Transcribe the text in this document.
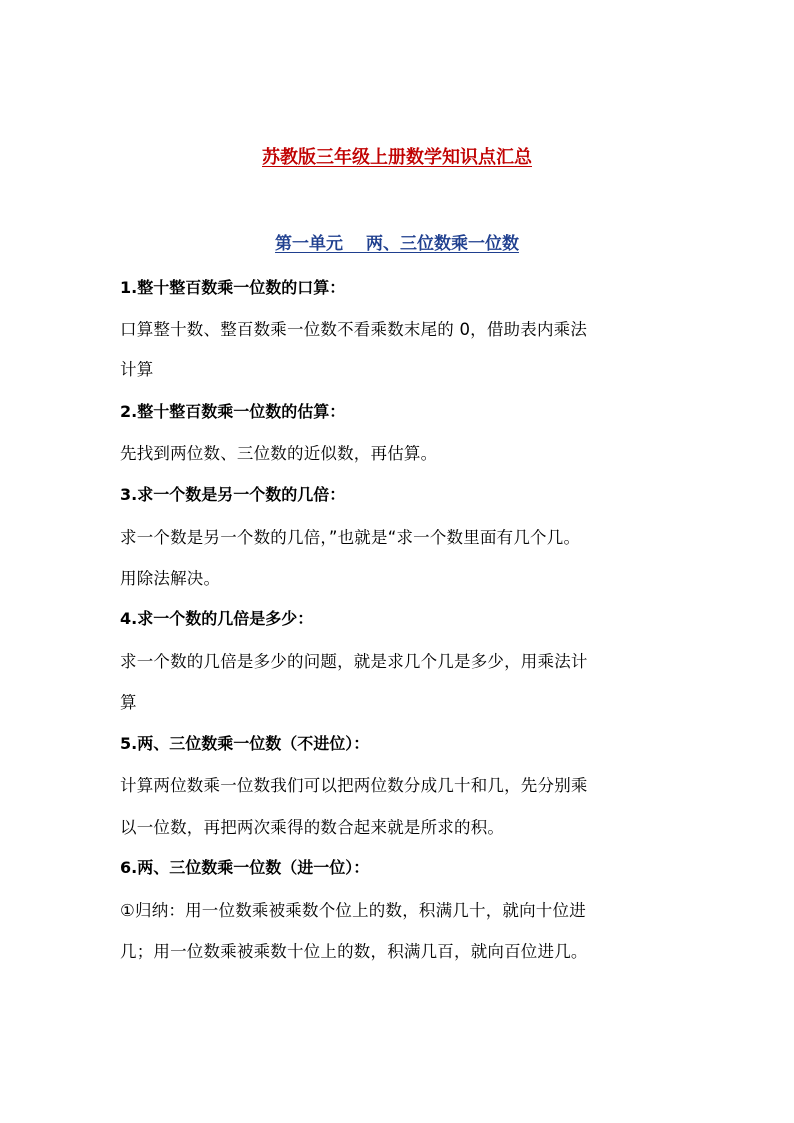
苏教版三年级上册数学知识点汇总
第一单元　 两、三位数乘一位数
1.整十整百数乘一位数的口算：
口算整十数、整百数乘一位数不看乘数末尾的 0，借助表内乘法
计算
2.整十整百数乘一位数的估算：
先找到两位数、三位数的近似数，再估算。
3.求一个数是另一个数的几倍：
求一个数是另一个数的几倍，”也就是“求一个数里面有几个几。
用除法解决。
4.求一个数的几倍是多少：
求一个数的几倍是多少的问题，就是求几个几是多少，用乘法计
算
5.两、三位数乘一位数（不进位）：
计算两位数乘一位数我们可以把两位数分成几十和几，先分别乘
以一位数，再把两次乘得的数合起来就是所求的积。
6.两、三位数乘一位数（进一位）：
①归纳：用一位数乘被乘数个位上的数，积满几十，就向十位进
几；用一位数乘被乘数十位上的数，积满几百，就向百位进几。
